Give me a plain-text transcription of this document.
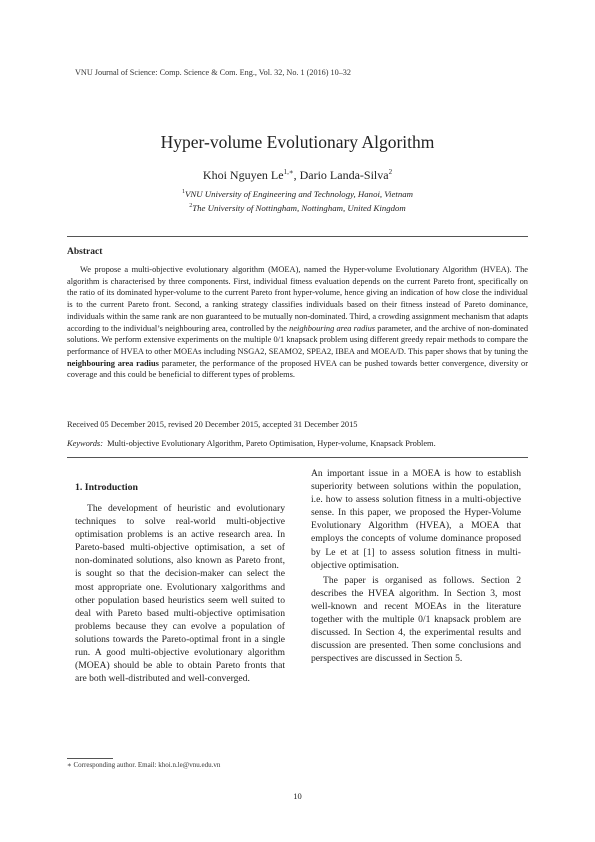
VNU Journal of Science: Comp. Science & Com. Eng., Vol. 32, No. 1 (2016) 10–32
Hyper-volume Evolutionary Algorithm
Khoi Nguyen $Le^{1,∗}$, Dario Landa-Silva$^2$
$^1$VNU University of Engineering and Technology, Hanoi, Vietnam
$^2$The University of Nottingham, Nottingham, United Kingdom
Abstract
We propose a multi-objective evolutionary algorithm (MOEA), named the Hyper-volume Evolutionary Algorithm (HVEA). The algorithm is characterised by three components. First, individual fitness evaluation depends on the current Pareto front, specifically on the ratio of its dominated hyper-volume to the current Pareto front hyper-volume, hence giving an indication of how close the individual is to the current Pareto front. Second, a ranking strategy classifies individuals based on their fitness instead of Pareto dominance, individuals within the same rank are non guaranteed to be mutually non-dominated. Third, a crowding assignment mechanism that adapts according to the individual’s neighbouring area, controlled by the neighbouring area radius parameter, and the archive of non-dominated solutions. We perform extensive experiments on the multiple 0/1 knapsack problem using different greedy repair methods to compare the performance of HVEA to other MOEAs including NSGA2, SEAMO2, SPEA2, IBEA and MOEA/D. This paper shows that by tuning the neighbouring area radius parameter, the performance of the proposed HVEA can be pushed towards better convergence, diversity or coverage and this could be beneficial to different types of problems.
Received 05 December 2015, revised 20 December 2015, accepted 31 December 2015
Keywords: Multi-objective Evolutionary Algorithm, Pareto Optimisation, Hyper-volume, Knapsack Problem.
1. Introduction

The development of heuristic and evolutionary techniques to solve real-world multi-objective optimisation problems is an active research area. In Pareto-based multi-objective optimisation, a set of non-dominated solutions, also known as Pareto front, is sought so that the decision-maker can select the most appropriate one. Evolutionary xalgorithms and other population based heuristics seem well suited to deal with Pareto based multi-objective optimisation problems because they can evolve a population of solutions towards the Pareto-optimal front in a single run. A good multi-objective evolutionary algorithm (MOEA) should be able to obtain Pareto fronts that are both well-distributed and well-converged.

An important issue in a MOEA is how to establish superiority between solutions within the population, i.e. how to assess solution fitness in a multi-objective sense. In this paper, we proposed the Hyper-Volume Evolutionary Algorithm (HVEA), a MOEA that employs the concepts of volume dominance proposed by Le et at [1] to assess solution fitness in multi-objective optimisation.

The paper is organised as follows. Section 2 describes the HVEA algorithm. In Section 3, most well-known and recent MOEAs in the literature together with the multiple 0/1 knapsack problem are discussed. In Section 4, the experimental results and discussion are presented. Then some conclusions and perspectives are discussed in Section 5.

∗ Corresponding author. Email: khoi.n.le@vnu.edu.vn
10
